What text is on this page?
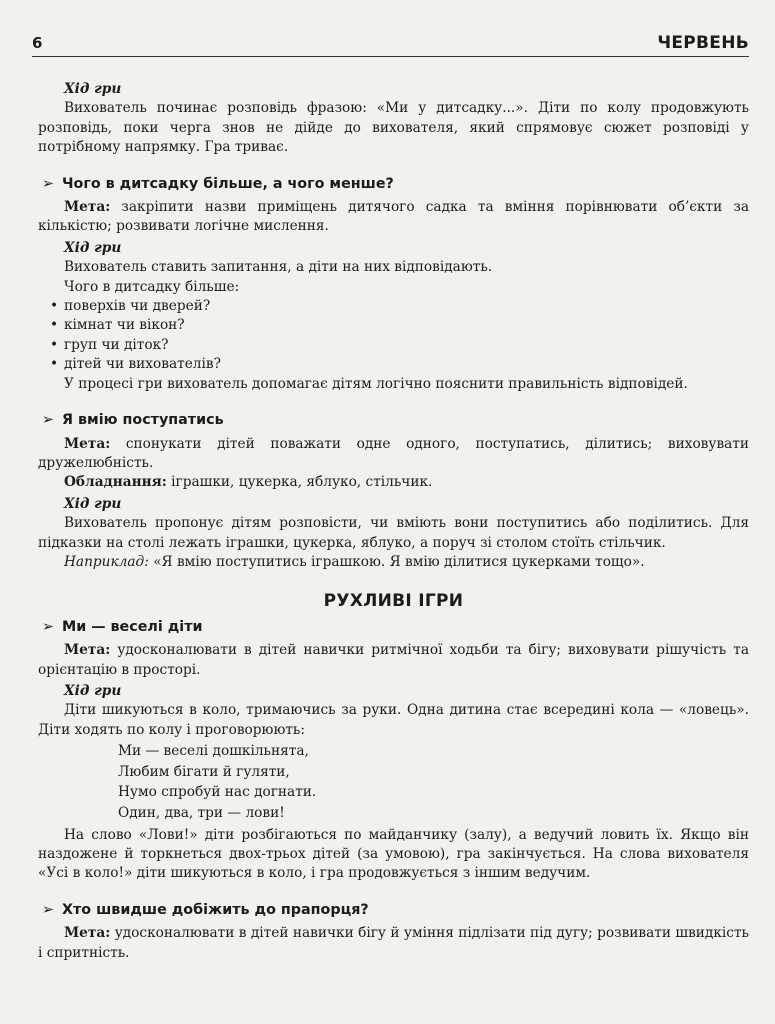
6	ЧЕРВЕНЬ
Хід гри

Вихователь починає розповідь фразою: «Ми у дитсадку...». Діти по колу продовжують розповідь, поки черга знов не дійде до вихователя, який спрямовує сюжет розповіді у потрібному напрямку. Гра триває.

➢ Чого в дитсадку більше, а чого менше?

Мета: закріпити назви приміщень дитячого садка та вміння порівнювати об’єкти за кількістю; розвивати логічне мислення.

Хід гри

Вихователь ставить запитання, а діти на них відповідають.

Чого в дитсадку більше:

• поверхів чи дверей?
• кімнат чи вікон?
• груп чи діток?
• дітей чи вихователів?

У процесі гри вихователь допомагає дітям логічно пояснити правильність відповідей.

➢ Я вмію поступатись

Мета: спонукати дітей поважати одне одного, поступатись, ділитись; виховувати дружелюбність.

Обладнання: іграшки, цукерка, яблуко, стільчик.

Хід гри

Вихователь пропонує дітям розповісти, чи вміють вони поступитись або поділитись. Для підказки на столі лежать іграшки, цукерка, яблуко, а поруч зі столом стоїть стільчик.

Наприклад: «Я вмію поступитись іграшкою. Я вмію ділитися цукерками тощо».

РУХЛИВІ ІГРИ
➢ Ми — веселі діти

Мета: удосконалювати в дітей навички ритмічної ходьби та бігу; виховувати рішучість та орієнтацію в просторі.

Хід гри

Діти шикуються в коло, тримаючись за руки. Одна дитина стає всередині кола — «ловець». Діти ходять по колу і проговорюють:

Ми — веселі дошкільнята,
Любим бігати й гуляти,
Нумо спробуй нас догнати.
Один, два, три — лови!

На слово «Лови!» діти розбігаються по майданчику (залу), а ведучий ловить їх. Якщо він наздожене й торкнеться двох-трьох дітей (за умовою), гра закінчується. На слова вихователя «Усі в коло!» діти шикуються в коло, і гра продовжується з іншим ведучим.

➢ Хто швидше добіжить до прапорця?

Мета: удосконалювати в дітей навички бігу й уміння підлізати під дугу; розвивати швидкість і спритність.
